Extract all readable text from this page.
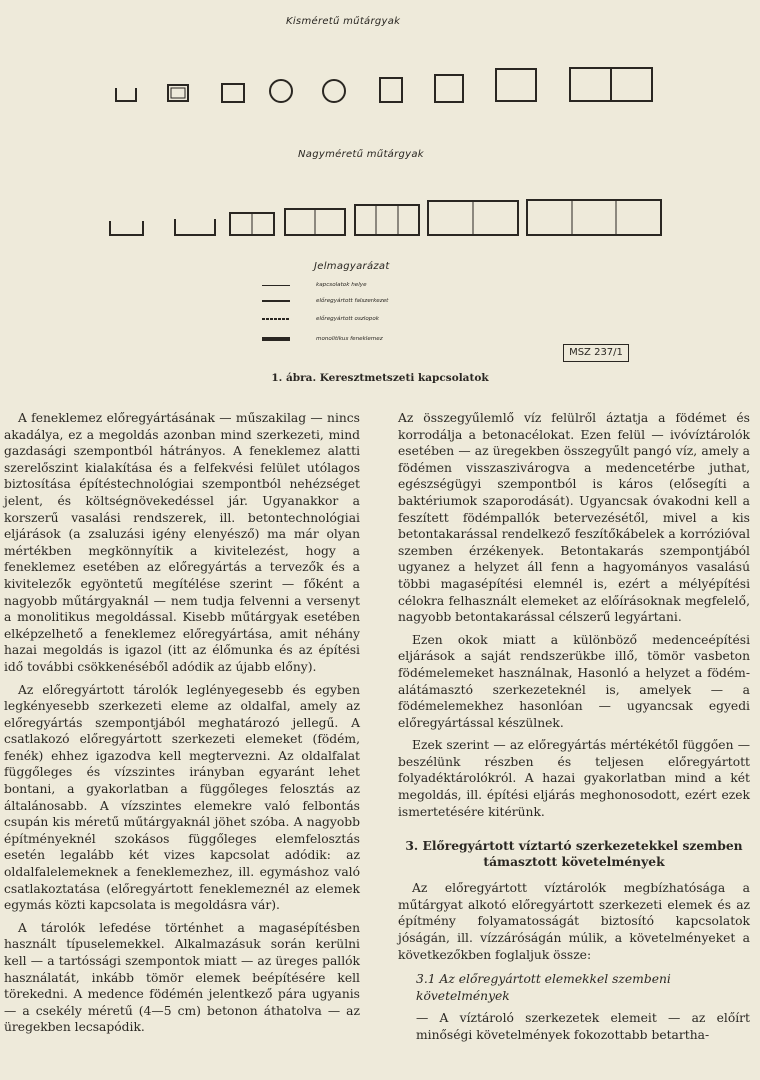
Kisméretű műtárgyak
Nagyméretű műtárgyak
Jelmagyarázat
kapcsolatok helye
előregyártott falszerkezet
előregyártott oszlopok
monolitikus feneklemez
MSZ 237/1
1. ábra. Keresztmetszeti kapcsolatok

A feneklemez előregyártásának — műszakilag — nincs akadálya, ez a megoldás azonban mind szerkezeti, mind gazdasági szempontból hátrányos. A feneklemez alatti szerelőszint kialakítása és a felfekvési felület utólagos biztosítása építéstechnológiai szempontból nehézséget jelent, és költségnövekedéssel jár. Ugyanakkor a korszerű vasalási rendszerek, ill. betontechnológiai eljárások (a zsaluzási igény elenyésző) ma már olyan mértékben megkönnyítik a kivitelezést, hogy a feneklemez esetében az előregyártás a tervezők és a kivitelezők egyöntetű megítélése szerint — főként a nagyobb műtárgyaknál — nem tudja felvenni a versenyt a monolitikus megoldással. Kisebb műtárgyak esetében elképzelhető a feneklemez előregyártása, amit néhány hazai megoldás is igazol (itt az élőmunka és az építési idő további csökkenéséből adódik az újabb előny).

Az előregyártott tárolók leglényegesebb és egyben legkényesebb szerkezeti eleme az oldalfal, amely az előregyártás szempontjából meghatározó jellegű. A csatlakozó előregyártott szerkezeti elemeket (födém, fenék) ehhez igazodva kell megtervezni. Az oldalfalat függőleges és vízszintes irányban egyaránt lehet bontani, a gyakorlatban a függőleges felosztás az általánosabb. A vízszintes elemekre való felbontás csupán kis méretű műtárgyaknál jöhet szóba. A nagyobb építményeknél szokásos függőleges elemfelosztás esetén legalább két vizes kapcsolat adódik: az oldalfalelemeknek a feneklemezhez, ill. egymáshoz való csatlakoztatása (előregyártott feneklemeznél az elemek egymás közti kapcsolata is megoldásra vár).

A tárolók lefedése történhet a magasépítésben használt típuselemekkel. Alkalmazásuk során kerülni kell — a tartóssági szempontok miatt — az üreges pallók használatát, inkább tömör elemek beépítésére kell törekedni. A medence födémén jelentkező pára ugyanis — a csekély méretű (4—5 cm) betonon áthatolva — az üregekben lecsapódik.

Az összegyűlemlő víz felülről áztatja a födémet és korrodálja a betonacélokat. Ezen felül — ivóvíztárolók esetében — az üregekben összegyűlt pangó víz, amely a födémen visszaszivárogva a medencetérbe juthat, egészségügyi szempontból is káros (elősegíti a baktériumok szaporodását). Ugyancsak óvakodni kell a feszített födémpallók betervezésétől, mivel a kis betontakarással rendelkező feszítőkábelek a korrózióval szemben érzékenyek. Betontakarás szempontjából ugyanez a helyzet áll fenn a hagyományos vasalású többi magasépítési elemnél is, ezért a mélyépítési célokra felhasznált elemeket az előírásoknak megfelelő, nagyobb betontakarással célszerű legyártani.

Ezen okok miatt a különböző medenceépítési eljárások a saját rendszerükbe illő, tömör vasbeton födémelemeket használnak, Hasonló a helyzet a födém-alátámasztó szerkezeteknél is, amelyek — a födémelemekhez hasonlóan — ugyancsak egyedi előregyártással készülnek.

Ezek szerint — az előregyártás mértékétől függően — beszélünk részben és teljesen előregyártott folyadéktárolókról. A hazai gyakorlatban mind a két megoldás, ill. építési eljárás meghonosodott, ezért ezek ismertetésére kitérünk.

3. Előregyártott víztartó szerkezetekkel szemben támasztott követelmények

Az előregyártott víztárolók megbízhatósága a műtárgyat alkotó előregyártott szerkezeti elemek és az építmény folyamatosságát biztosító kapcsolatok jóságán, ill. vízzáróságán múlik, a követelményeket a következőkben foglaljuk össze:

3.1 Az előregyártott elemekkel szembeni követelmények

— A víztároló szerkezetek elemeit — az előírt minőségi követelmények fokozottabb betartha-
